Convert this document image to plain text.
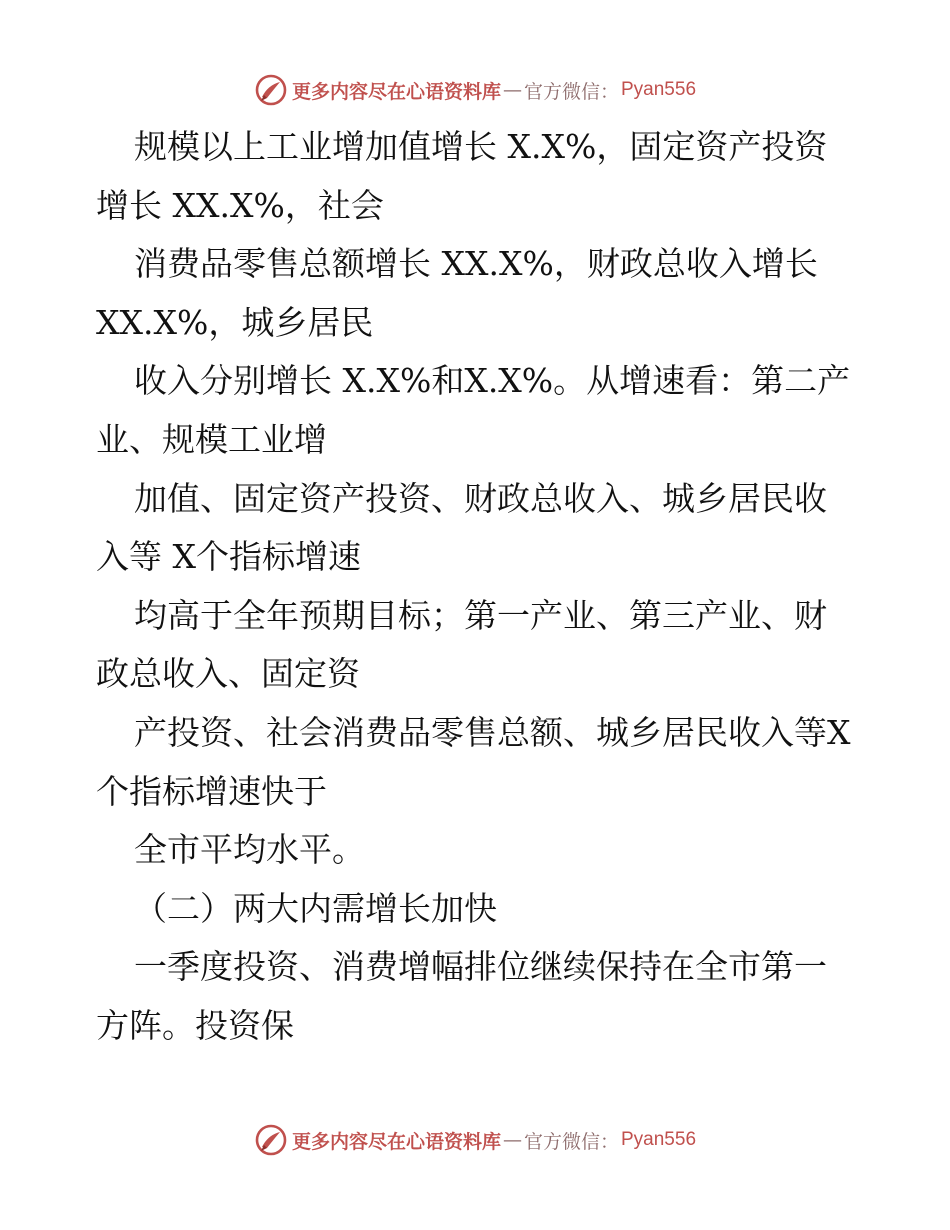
更多内容尽在心语资料库 — 官方微信： Pyan556

规模以上工业增加值增长 X.X%，固定资产投资增长 XX.X%，社会

消费品零售总额增长 XX.X%，财政总收入增长 XX.X%，城乡居民

收入分别增长 X.X%和X.X%。从增速看：第二产业、规模工业增

加值、固定资产投资、财政总收入、城乡居民收入等 X个指标增速

均高于全年预期目标；第一产业、第三产业、财政总收入、固定资

产投资、社会消费品零售总额、城乡居民收入等X个指标增速快于

全市平均水平。

（二）两大内需增长加快

一季度投资、消费增幅排位继续保持在全市第一方阵。投资保

更多内容尽在心语资料库 — 官方微信： Pyan556
